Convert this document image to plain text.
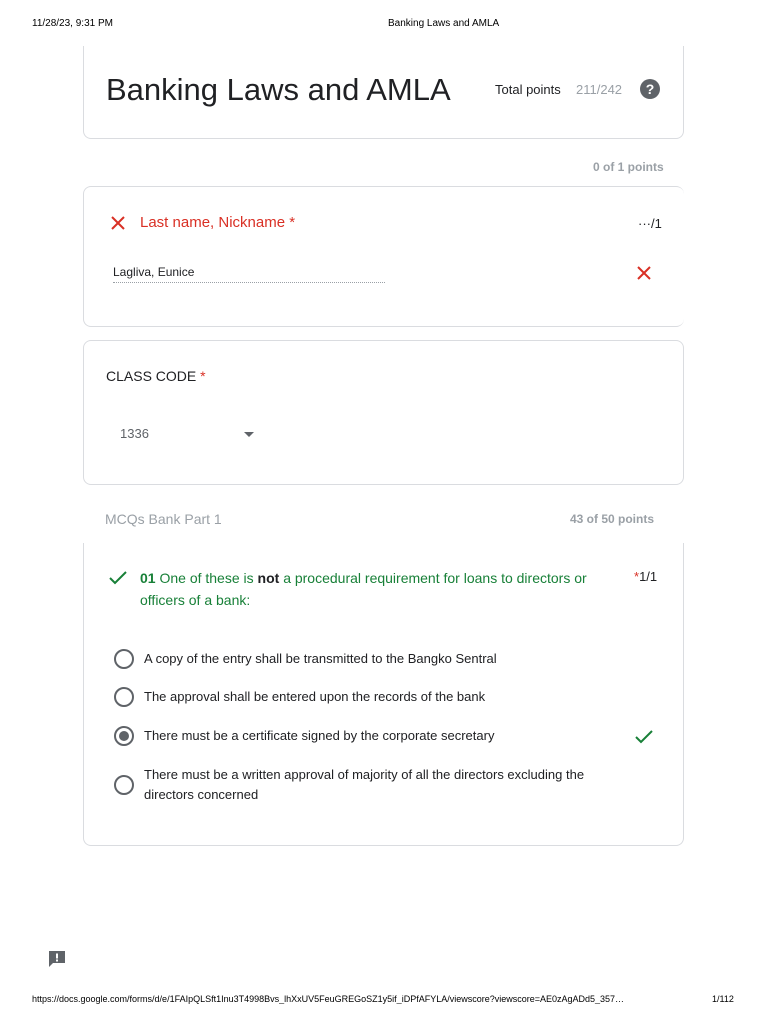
11/28/23, 9:31 PM	Banking Laws and AMLA
Banking Laws and AMLA	Total points 211/242	?
0 of 1 points
Last name, Nickname *	···/1
Lagliva, Eunice
CLASS CODE *
1336
MCQs Bank Part 1	43 of 50 points
01 One of these is not a procedural requirement for loans to directors or officers of a bank:
*1/1
A copy of the entry shall be transmitted to the Bangko Sentral
The approval shall be entered upon the records of the bank
There must be a certificate signed by the corporate secretary
There must be a written approval of majority of all the directors excluding the directors concerned
https://docs.google.com/forms/d/e/1FAIpQLSft1Inu3T4998Bvs_lhXxUV5FeuGREGoSZ1y5if_iDPfAFYLA/viewscore?viewscore=AE0zAgADd5_357…	1/112
